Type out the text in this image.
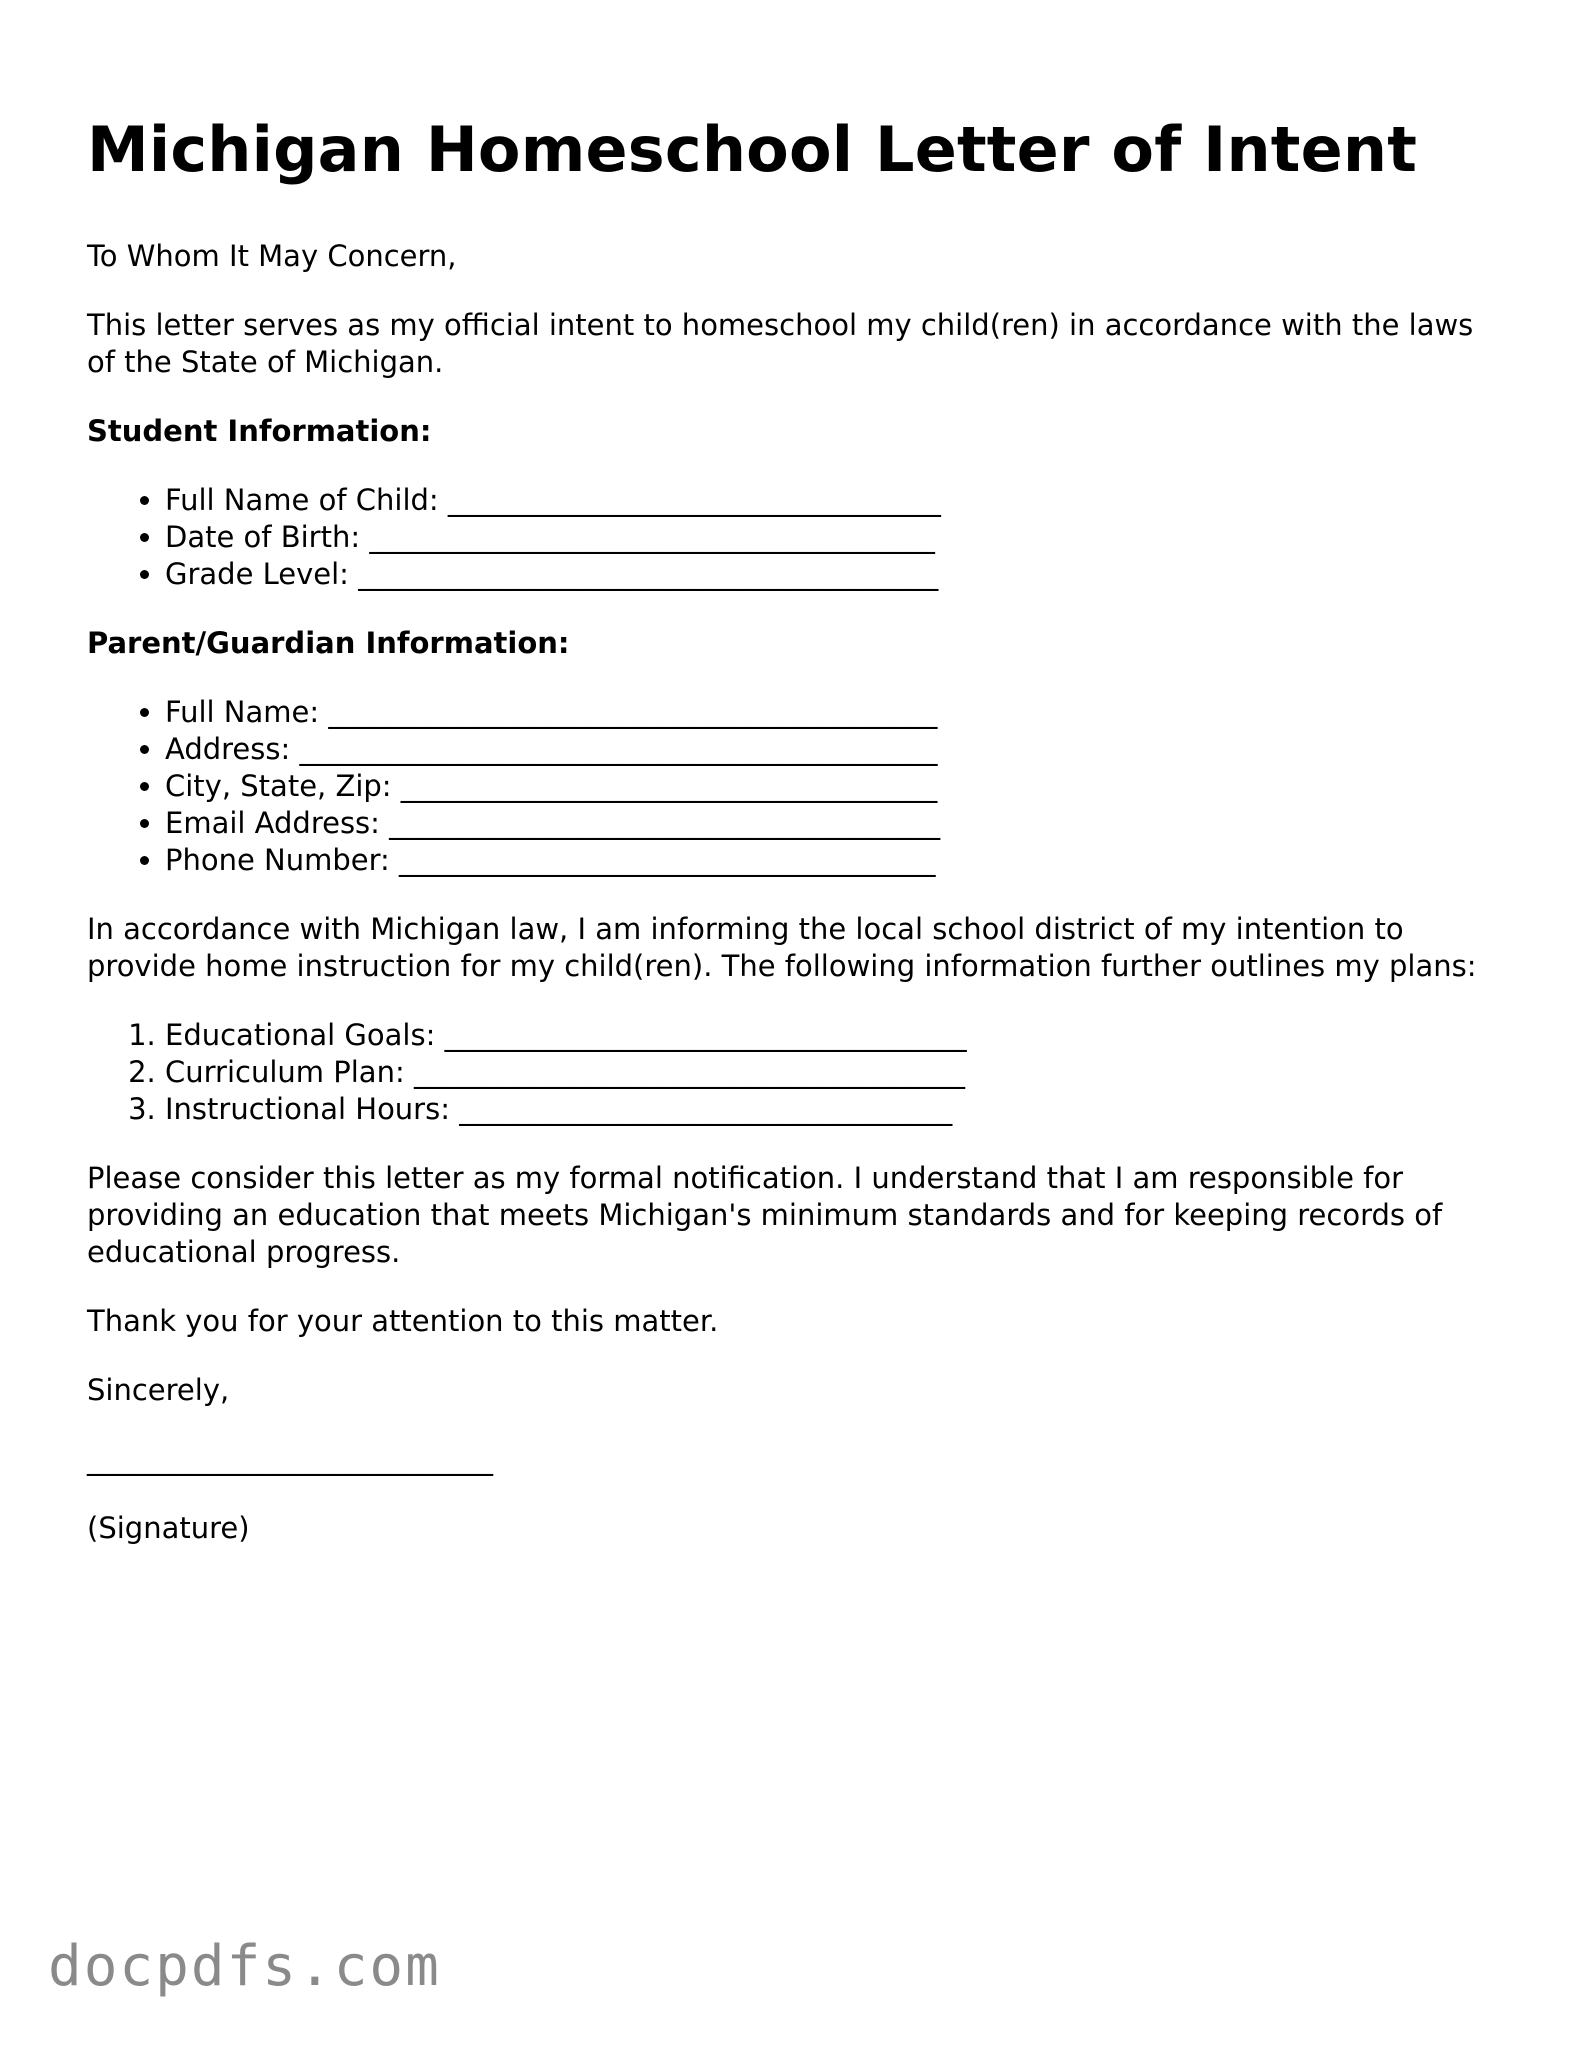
Michigan Homeschool Letter of Intent

To Whom It May Concern,

This letter serves as my official intent to homeschool my child(ren) in accordance with the laws of the State of Michigan.

Student Information:

• Full Name of Child: __________________________________
• Date of Birth: _______________________________________
• Grade Level: ________________________________________

Parent/Guardian Information:

• Full Name: __________________________________________
• Address: ____________________________________________
• City, State, Zip: _____________________________________
• Email Address: ______________________________________
• Phone Number: _____________________________________

In accordance with Michigan law, I am informing the local school district of my intention to provide home instruction for my child(ren). The following information further outlines my plans:

1. Educational Goals: ____________________________________
2. Curriculum Plan: ______________________________________
3. Instructional Hours: __________________________________

Please consider this letter as my formal notification. I understand that I am responsible for providing an education that meets Michigan's minimum standards and for keeping records of educational progress.

Thank you for your attention to this matter.

Sincerely,

____________________________

(Signature)

docpdfs.com
